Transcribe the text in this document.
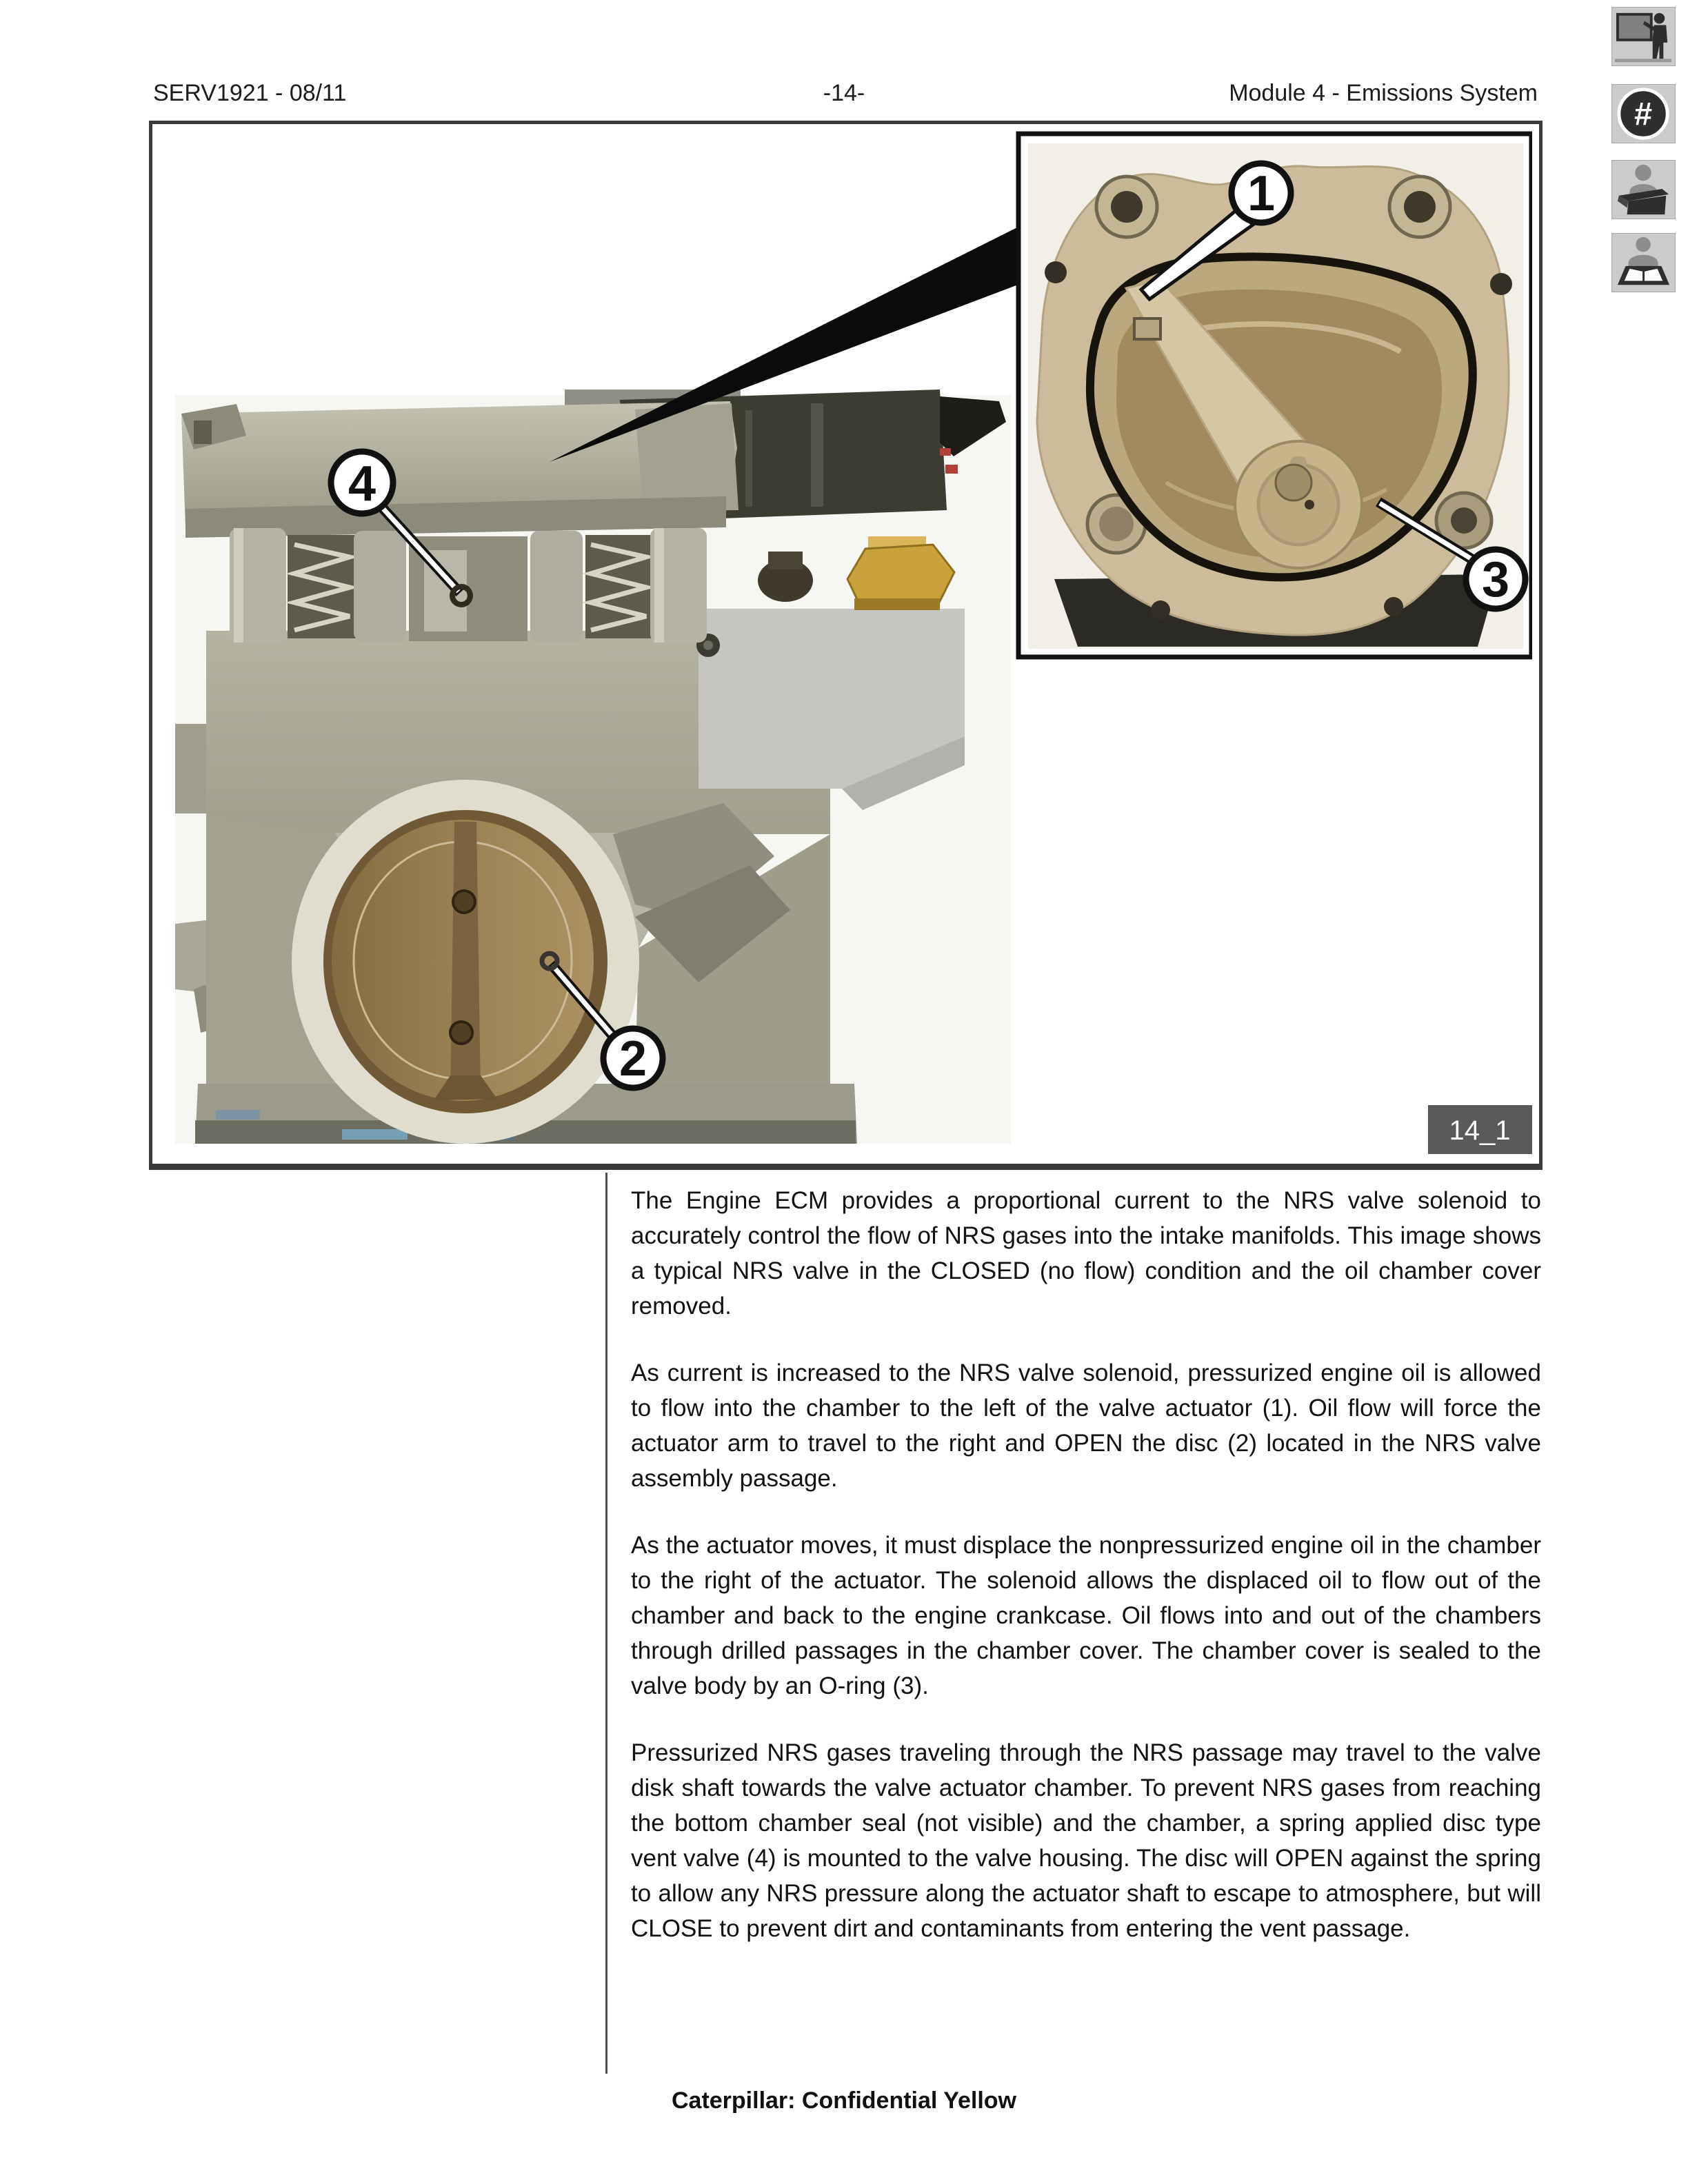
SERV1921 - 08/11	-14-	Module 4 - Emissions System
#
1
3
4
2
14_1

The Engine ECM provides a proportional current to the NRS valve solenoid to accurately control the flow of NRS gases into the intake manifolds. This image shows a typical NRS valve in the CLOSED (no flow) condition and the oil chamber cover removed.

As current is increased to the NRS valve solenoid, pressurized engine oil is allowed to flow into the chamber to the left of the valve actuator (1). Oil flow will force the actuator arm to travel to the right and OPEN the disc (2) located in the NRS valve assembly passage.

As the actuator moves, it must displace the nonpressurized engine oil in the chamber to the right of the actuator. The solenoid allows the displaced oil to flow out of the chamber and back to the engine crankcase. Oil flows into and out of the chambers through drilled passages in the chamber cover. The chamber cover is sealed to the valve body by an O-ring (3).

Pressurized NRS gases traveling through the NRS passage may travel to the valve disk shaft towards the valve actuator chamber. To prevent NRS gases from reaching the bottom chamber seal (not visible) and the chamber, a spring applied disc type vent valve (4) is mounted to the valve housing. The disc will OPEN against the spring to allow any NRS pressure along the actuator shaft to escape to atmosphere, but will CLOSE to prevent dirt and contaminants from entering the vent passage.

Caterpillar: Confidential Yellow
